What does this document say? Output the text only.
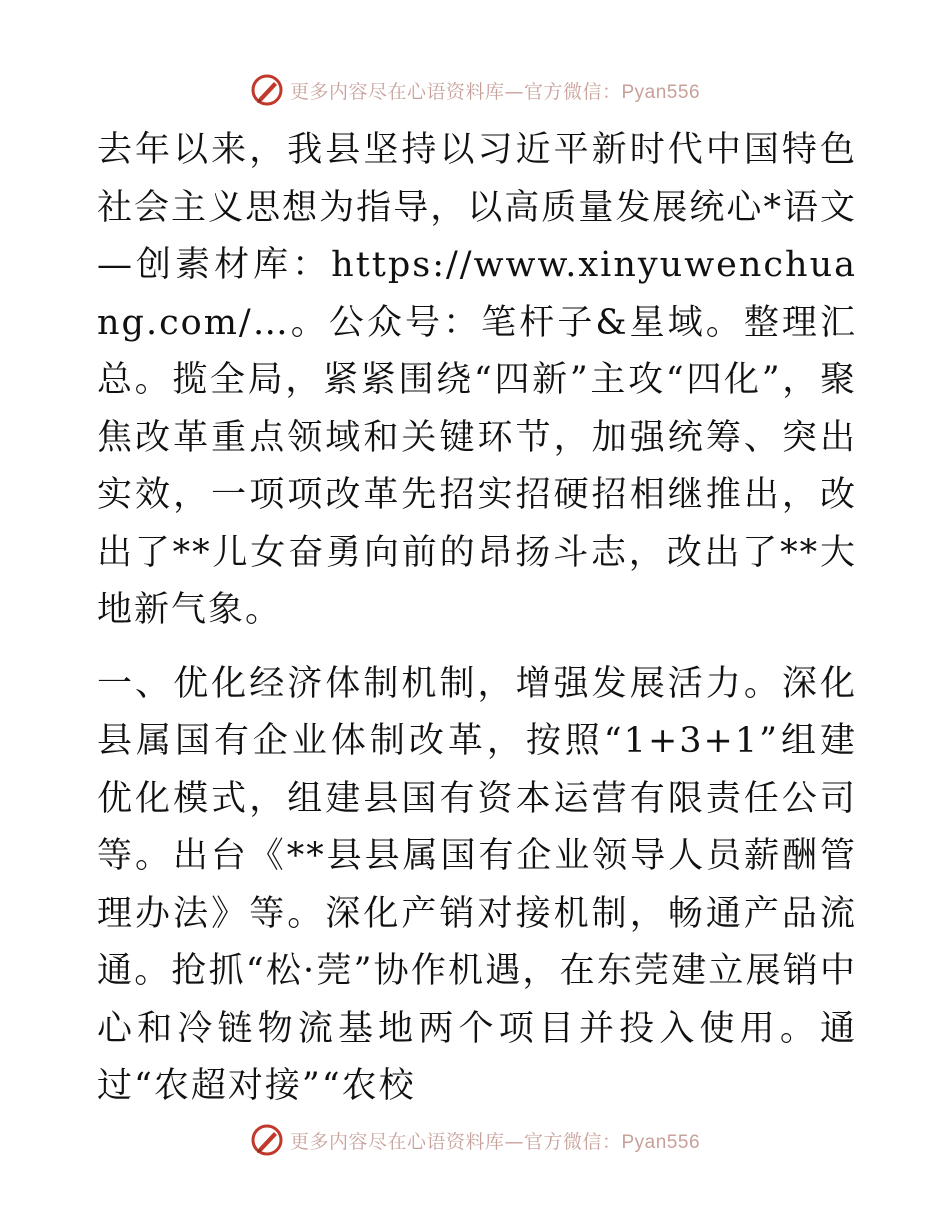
更多内容尽在心语资料库—官方微信：Pyan556

去年以来，我县坚持以习近平新时代中国特色社会主义思想为指导，以高质量发展统心*语文—创素材库：https://www.xinyuwenchuang.com/…。公众号：笔杆子&星域。整理汇总。揽全局，紧紧围绕“四新”主攻“四化”，聚焦改革重点领域和关键环节，加强统筹、突出实效，一项项改革先招实招硬招相继推出，改出了**儿女奋勇向前的昂扬斗志，改出了**大地新气象。

一、优化经济体制机制，增强发展活力。深化县属国有企业体制改革，按照“1+3+1”组建优化模式，组建县国有资本运营有限责任公司等。出台《**县县属国有企业领导人员薪酬管理办法》等。深化产销对接机制，畅通产品流通。抢抓“松·莞”协作机遇，在东莞建立展销中心和冷链物流基地两个项目并投入使用。通过“农超对接”“农校

更多内容尽在心语资料库—官方微信：Pyan556
